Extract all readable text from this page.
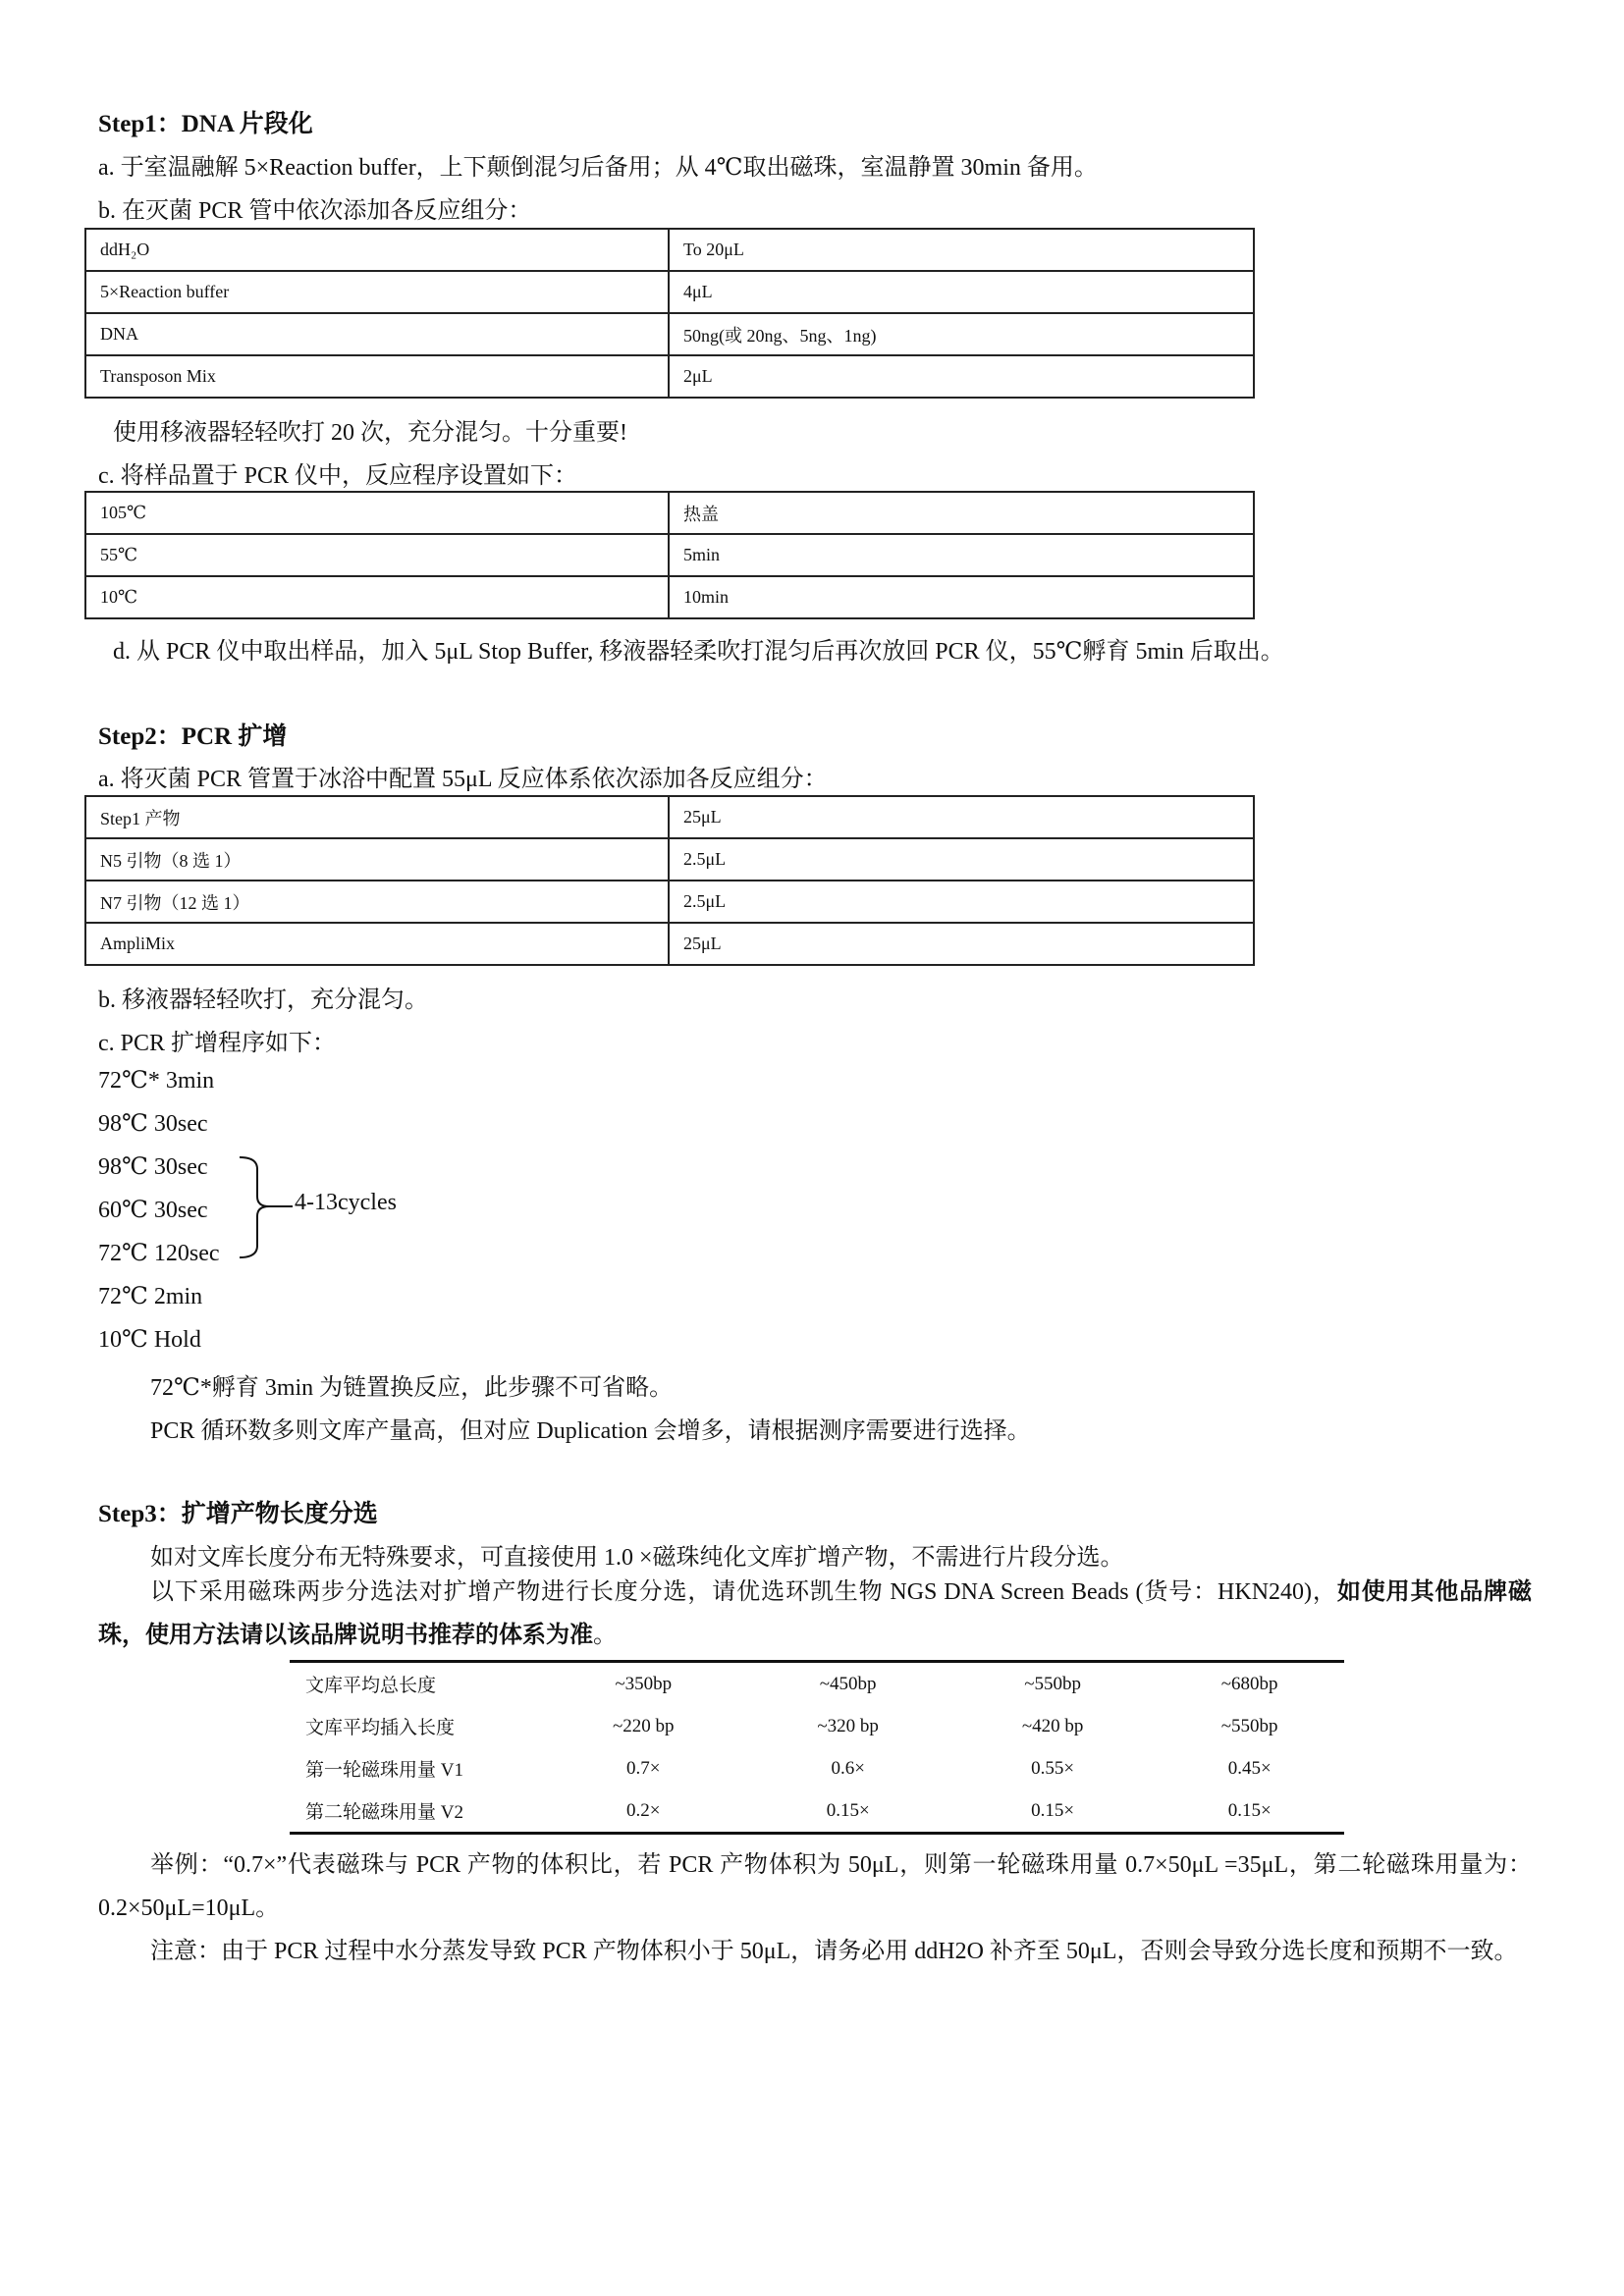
Step1：DNA 片段化

a. 于室温融解 5×Reaction buffer，上下颠倒混匀后备用；从 4℃取出磁珠，室温静置 30min 备用。

b. 在灭菌 PCR 管中依次添加各反应组分：

ddH₂O	To 20μL
5×Reaction buffer	4μL
DNA	50ng(或 20ng、5ng、1ng)
Transposon Mix	2μL

使用移液器轻轻吹打 20 次，充分混匀。十分重要!

c. 将样品置于 PCR 仪中，反应程序设置如下：

105℃	热盖
55℃	5min
10℃	10min

d. 从 PCR 仪中取出样品，加入 5μL Stop Buffer, 移液器轻柔吹打混匀后再次放回 PCR 仪，55℃孵育 5min 后取出。

Step2：PCR 扩增

a. 将灭菌 PCR 管置于冰浴中配置 55μL 反应体系依次添加各反应组分：

Step1 产物	25μL
N5 引物（8 选 1）	2.5μL
N7 引物（12 选 1）	2.5μL
AmpliMix	25μL

b. 移液器轻轻吹打，充分混匀。

c. PCR 扩增程序如下：

72℃* 3min

98℃ 30sec

98℃ 30sec

60℃ 30sec

72℃ 120sec

72℃ 2min

10℃ Hold

4-13cycles

72℃*孵育 3min 为链置换反应，此步骤不可省略。

PCR 循环数多则文库产量高，但对应 Duplication 会增多，请根据测序需要进行选择。

Step3：扩增产物长度分选

如对文库长度分布无特殊要求，可直接使用 1.0 ×磁珠纯化文库扩增产物，不需进行片段分选。

以下采用磁珠两步分选法对扩增产物进行长度分选，请优选环凯生物 NGS DNA Screen Beads (货号：HKN240)，如使用其他品牌磁珠，使用方法请以该品牌说明书推荐的体系为准。

文库平均总长度	~350bp	~450bp	~550bp	~680bp
文库平均插入长度	~220 bp	~320 bp	~420 bp	~550bp
第一轮磁珠用量 V1	0.7×	0.6×	0.55×	0.45×
第二轮磁珠用量 V2	0.2×	0.15×	0.15×	0.15×

举例：“0.7×”代表磁珠与 PCR 产物的体积比，若 PCR 产物体积为 50μL，则第一轮磁珠用量 0.7×50μL =35μL，第二轮磁珠用量为：0.2×50μL=10μL。

注意：由于 PCR 过程中水分蒸发导致 PCR 产物体积小于 50μL，请务必用 ddH2O 补齐至 50μL，否则会导致分选长度和预期不一致。
